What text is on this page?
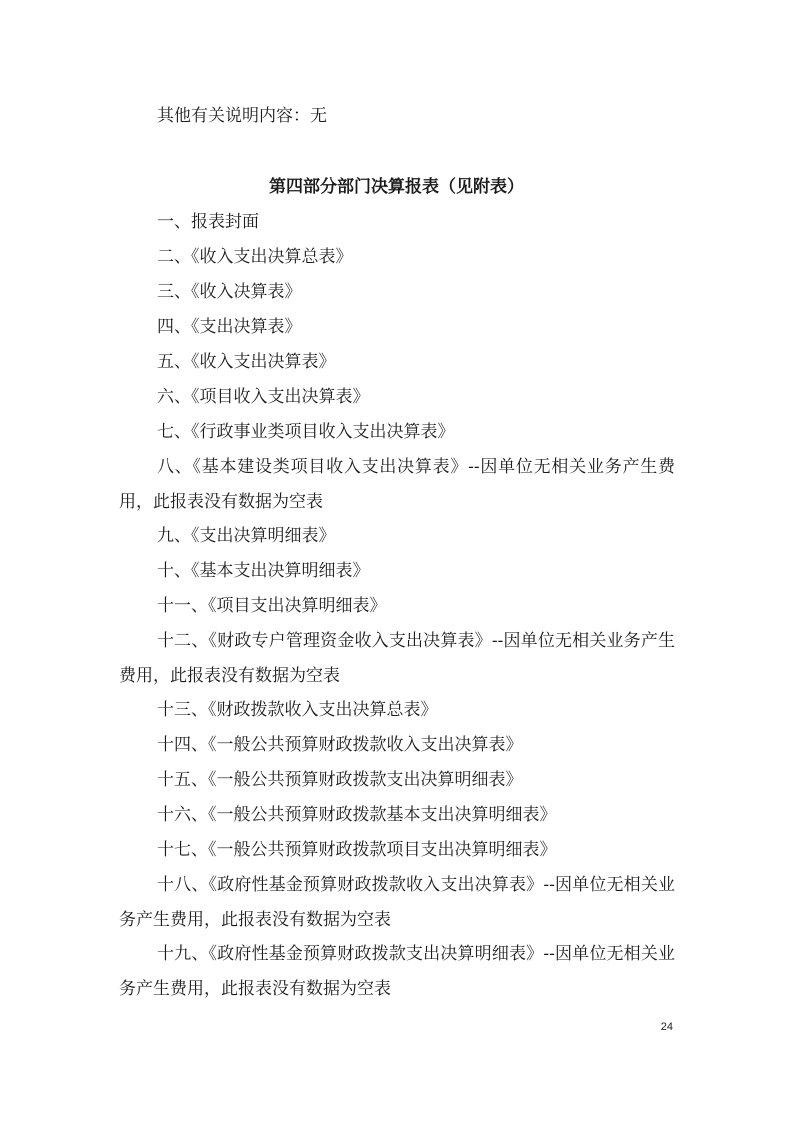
其他有关说明内容：无

第四部分部门决算报表（见附表）

一、报表封面

二、《收入支出决算总表》

三、《收入决算表》

四、《支出决算表》

五、《收入支出决算表》

六、《项目收入支出决算表》

七、《行政事业类项目收入支出决算表》

八、《基本建设类项目收入支出决算表》--因单位无相关业务产生费用，此报表没有数据为空表

九、《支出决算明细表》

十、《基本支出决算明细表》

十一、《项目支出决算明细表》

十二、《财政专户管理资金收入支出决算表》--因单位无相关业务产生费用，此报表没有数据为空表

十三、《财政拨款收入支出决算总表》

十四、《一般公共预算财政拨款收入支出决算表》

十五、《一般公共预算财政拨款支出决算明细表》

十六、《一般公共预算财政拨款基本支出决算明细表》

十七、《一般公共预算财政拨款项目支出决算明细表》

十八、《政府性基金预算财政拨款收入支出决算表》--因单位无相关业务产生费用，此报表没有数据为空表

十九、《政府性基金预算财政拨款支出决算明细表》--因单位无相关业务产生费用，此报表没有数据为空表

24
